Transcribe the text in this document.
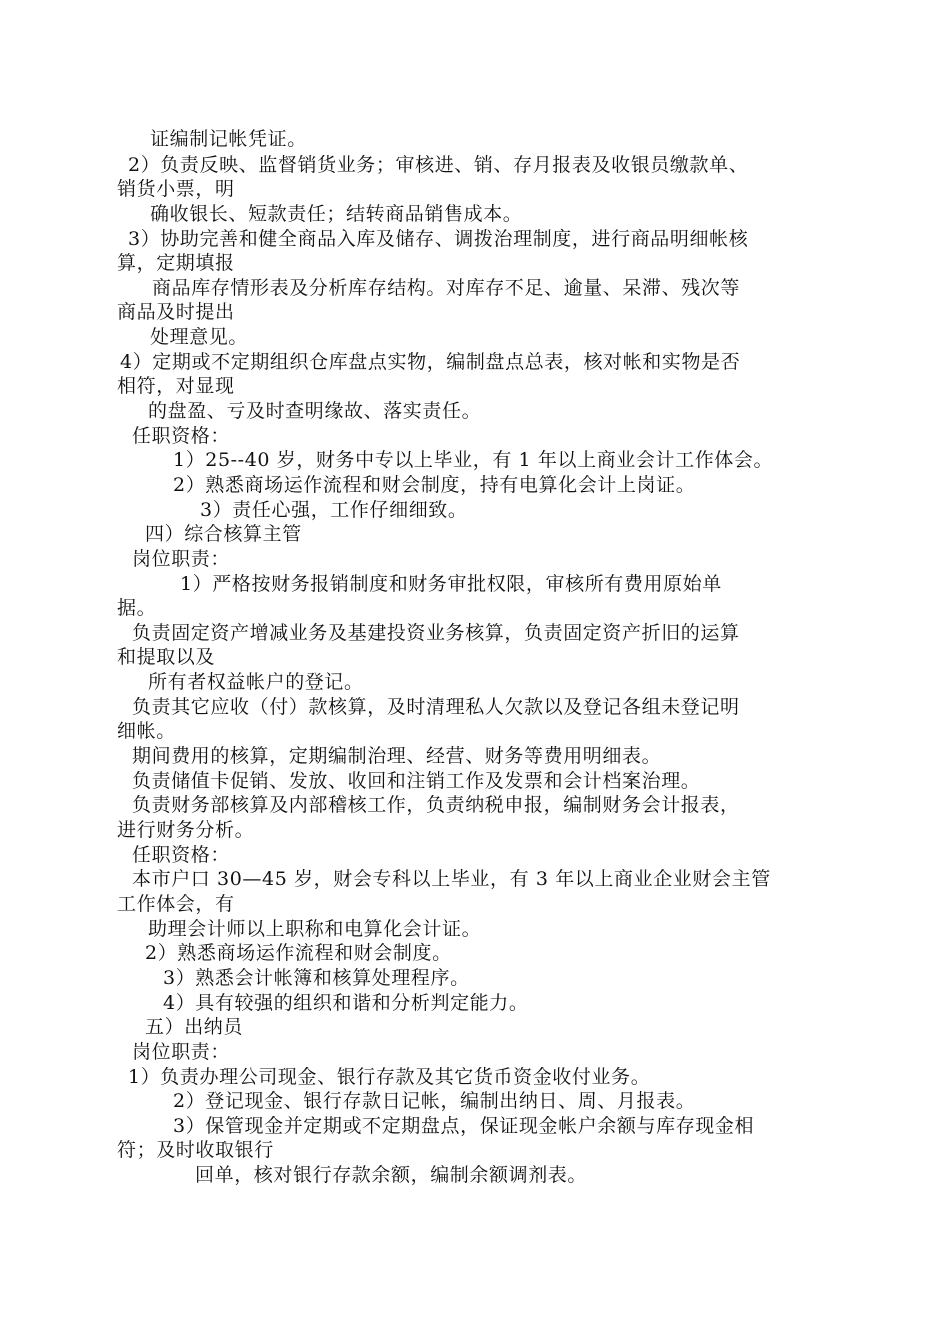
证编制记帐凭证。
2）负责反映、监督销货业务；审核进、销、存月报表及收银员缴款单、
销货小票，明
确收银长、短款责任；结转商品销售成本。
3）协助完善和健全商品入库及储存、调拨治理制度，进行商品明细帐核
算，定期填报
商品库存情形表及分析库存结构。对库存不足、逾量、呆滞、残次等
商品及时提出
处理意见。
4）定期或不定期组织仓库盘点实物，编制盘点总表，核对帐和实物是否
相符，对显现
的盘盈、亏及时查明缘故、落实责任。
任职资格：
1）25--40 岁，财务中专以上毕业，有 1 年以上商业会计工作体会。
2）熟悉商场运作流程和财会制度，持有电算化会计上岗证。
3）责任心强，工作仔细细致。
四）综合核算主管
岗位职责：
1）严格按财务报销制度和财务审批权限，审核所有费用原始单
据。
负责固定资产增减业务及基建投资业务核算，负责固定资产折旧的运算
和提取以及
所有者权益帐户的登记。
负责其它应收（付）款核算，及时清理私人欠款以及登记各组未登记明
细帐。
期间费用的核算，定期编制治理、经营、财务等费用明细表。
负责储值卡促销、发放、收回和注销工作及发票和会计档案治理。
负责财务部核算及内部稽核工作，负责纳税申报，编制财务会计报表，
进行财务分析。
任职资格：
本市户口 30—45 岁，财会专科以上毕业，有 3 年以上商业企业财会主管
工作体会，有
助理会计师以上职称和电算化会计证。
2）熟悉商场运作流程和财会制度。
3）熟悉会计帐簿和核算处理程序。
4）具有较强的组织和谐和分析判定能力。
五）出纳员
岗位职责：
1）负责办理公司现金、银行存款及其它货币资金收付业务。
2）登记现金、银行存款日记帐，编制出纳日、周、月报表。
3）保管现金并定期或不定期盘点，保证现金帐户余额与库存现金相
符；及时收取银行
回单，核对银行存款余额，编制余额调剂表。
